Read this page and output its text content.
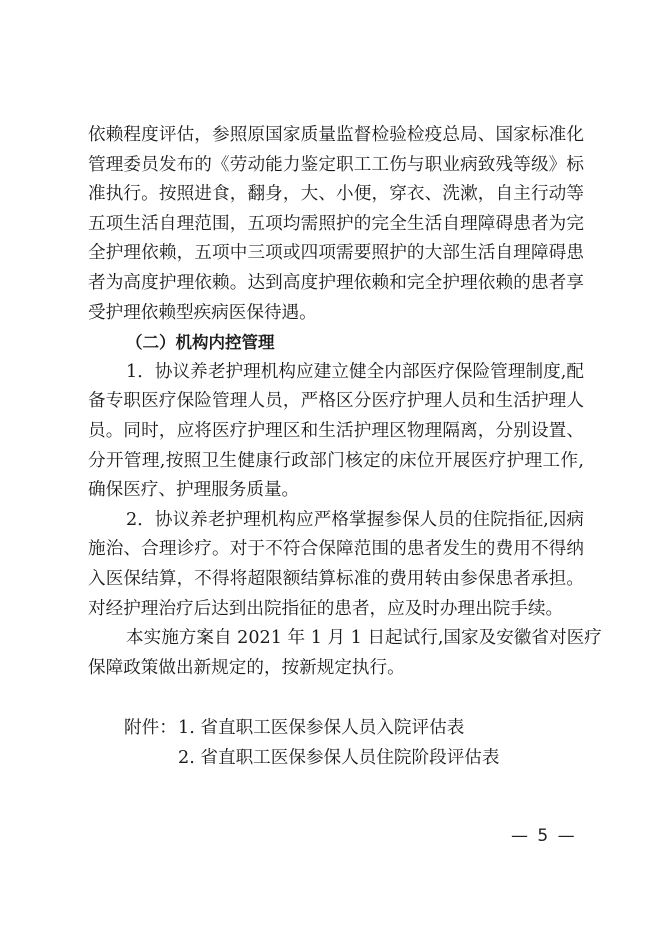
依赖程度评估，参照原国家质量监督检验检疫总局、国家标准化
管理委员发布的《劳动能力鉴定职工工伤与职业病致残等级》标
准执行。按照进食，翻身，大、小便，穿衣、洗漱，自主行动等
五项生活自理范围，五项均需照护的完全生活自理障碍患者为完
全护理依赖，五项中三项或四项需要照护的大部生活自理障碍患
者为高度护理依赖。达到高度护理依赖和完全护理依赖的患者享
受护理依赖型疾病医保待遇。
（二）机构内控管理
1．协议养老护理机构应建立健全内部医疗保险管理制度,配
备专职医疗保险管理人员，严格区分医疗护理人员和生活护理人
员。同时，应将医疗护理区和生活护理区物理隔离，分别设置、
分开管理,按照卫生健康行政部门核定的床位开展医疗护理工作,
确保医疗、护理服务质量。
2．协议养老护理机构应严格掌握参保人员的住院指征,因病
施治、合理诊疗。对于不符合保障范围的患者发生的费用不得纳
入医保结算，不得将超限额结算标准的费用转由参保患者承担。
对经护理治疗后达到出院指征的患者，应及时办理出院手续。
本实施方案自 2021 年 1 月 1 日起试行,国家及安徽省对医疗
保障政策做出新规定的，按新规定执行。
附件：1. 省直职工医保参保人员入院评估表
2. 省直职工医保参保人员住院阶段评估表
— 5 —
